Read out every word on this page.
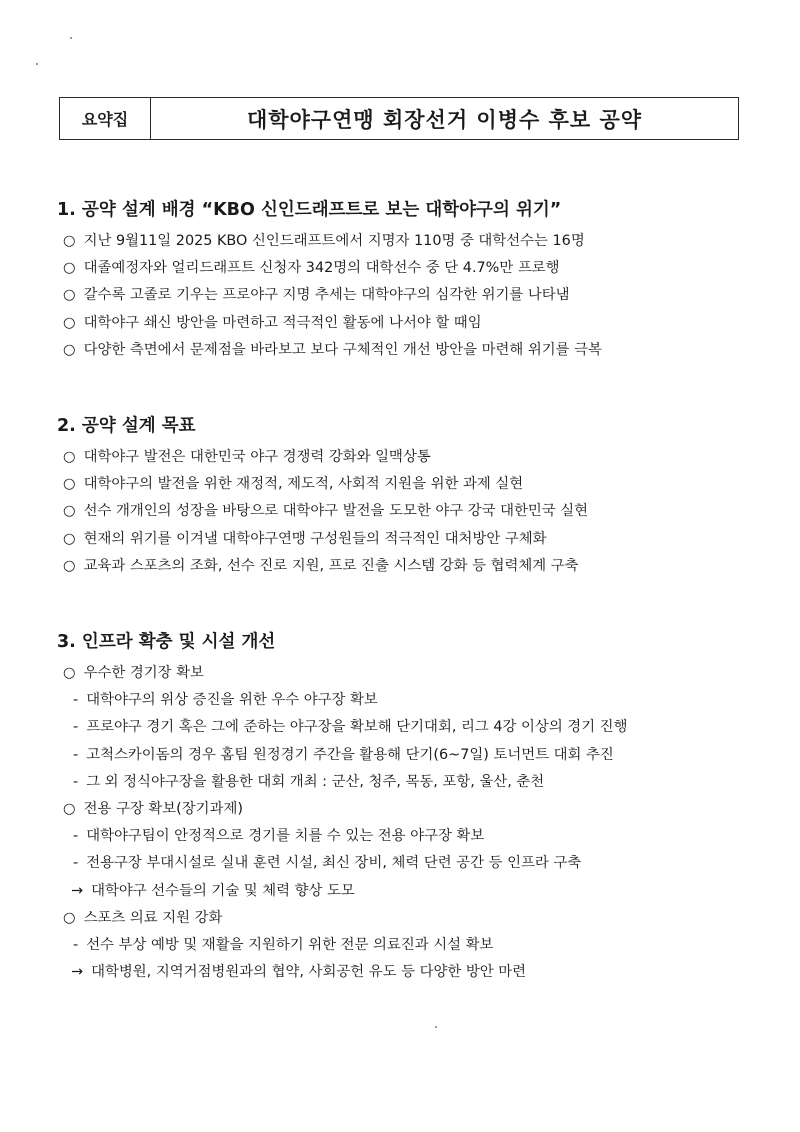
요약집	대학야구연맹 회장선거 이병수 후보 공약
1. 공약 설계 배경 “KBO 신인드래프트로 보는 대학야구의 위기”
○ 지난 9월11일 2025 KBO 신인드래프트에서 지명자 110명 중 대학선수는 16명
○ 대졸예정자와 얼리드래프트 신청자 342명의 대학선수 중 단 4.7%만 프로행
○ 갈수록 고졸로 기우는 프로야구 지명 추세는 대학야구의 심각한 위기를 나타냄
○ 대학야구 쇄신 방안을 마련하고 적극적인 활동에 나서야 할 때임
○ 다양한 측면에서 문제점을 바라보고 보다 구체적인 개선 방안을 마련해 위기를 극복
2. 공약 설계 목표
○ 대학야구 발전은 대한민국 야구 경쟁력 강화와 일맥상통
○ 대학야구의 발전을 위한 재정적, 제도적, 사회적 지원을 위한 과제 실현
○ 선수 개개인의 성장을 바탕으로 대학야구 발전을 도모한 야구 강국 대한민국 실현
○ 현재의 위기를 이겨낼 대학야구연맹 구성원들의 적극적인 대처방안 구체화
○ 교육과 스포츠의 조화, 선수 진로 지원, 프로 진출 시스템 강화 등 협력체계 구축
3. 인프라 확충 및 시설 개선
○ 우수한 경기장 확보
- 대학야구의 위상 증진을 위한 우수 야구장 확보
- 프로야구 경기 혹은 그에 준하는 야구장을 확보해 단기대회, 리그 4강 이상의 경기 진행
- 고척스카이돔의 경우 홈팀 원정경기 주간을 활용해 단기(6~7일) 토너먼트 대회 추진
- 그 외 정식야구장을 활용한 대회 개최 : 군산, 청주, 목동, 포항, 울산, 춘천
○ 전용 구장 확보(장기과제)
- 대학야구팀이 안정적으로 경기를 치를 수 있는 전용 야구장 확보
- 전용구장 부대시설로 실내 훈련 시설, 최신 장비, 체력 단련 공간 등 인프라 구축
→ 대학야구 선수들의 기술 및 체력 향상 도모
○ 스포츠 의료 지원 강화
- 선수 부상 예방 및 재활을 지원하기 위한 전문 의료진과 시설 확보
→ 대학병원, 지역거점병원과의 협약, 사회공헌 유도 등 다양한 방안 마련
